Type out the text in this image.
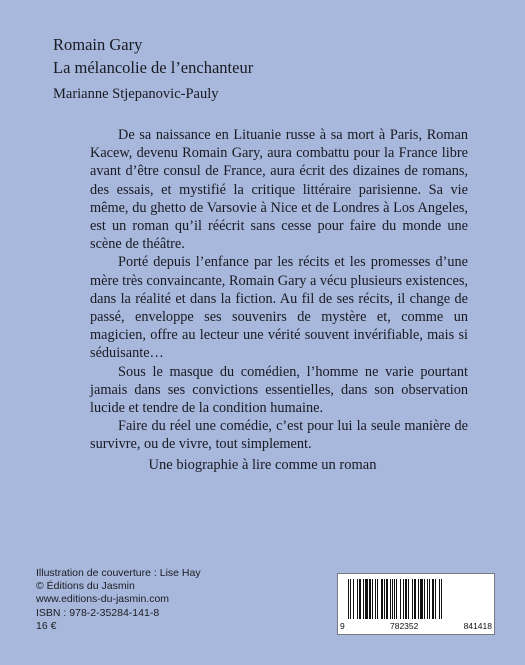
Romain Gary
La mélancolie de l’enchanteur
Marianne Stjepanovic-Pauly

De sa naissance en Lituanie russe à sa mort à Paris, Roman Kacew, devenu Romain Gary, aura combattu pour la France libre avant d’être consul de France, aura écrit des dizaines de romans, des essais, et mystifié la critique littéraire parisienne. Sa vie même, du ghetto de Varsovie à Nice et de Londres à Los Angeles, est un roman qu’il réécrit sans cesse pour faire du monde une scène de théâtre.

Porté depuis l’enfance par les récits et les promesses d’une mère très convaincante, Romain Gary a vécu plusieurs existences, dans la réalité et dans la fiction. Au fil de ses récits, il change de passé, enveloppe ses souvenirs de mystère et, comme un magicien, offre au lecteur une vérité souvent invérifiable, mais si séduisante…

Sous le masque du comédien, l’homme ne varie pourtant jamais dans ses convictions essentielles, dans son observation lucide et tendre de la condition humaine.

Faire du réel une comédie, c’est pour lui la seule manière de survivre, ou de vivre, tout simplement.

Une biographie à lire comme un roman
Illustration de couverture : Lise Hay
© Éditions du Jasmin
www.editions-du-jasmin.com
ISBN : 978-2-35284-141-8
16 €	9	782352	841418
